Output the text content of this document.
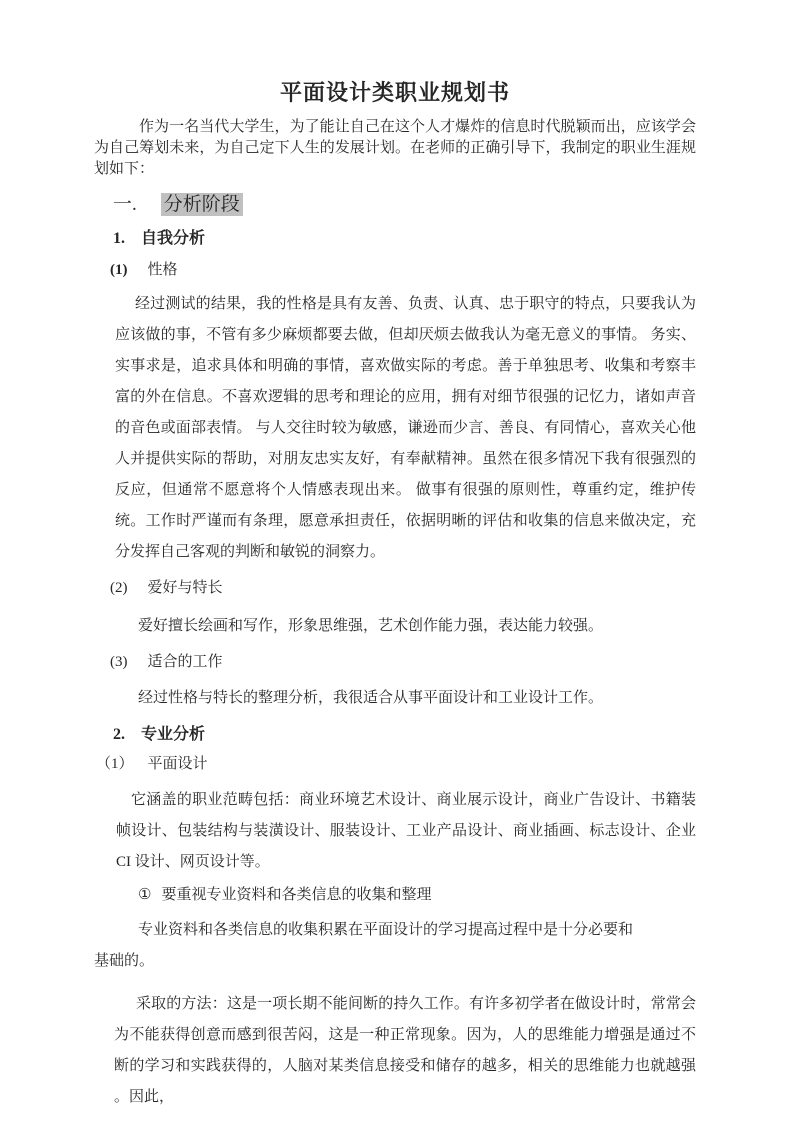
平面设计类职业规划书

作为一名当代大学生，为了能让自己在这个人才爆炸的信息时代脱颖而出，应该学会为自己筹划未来，为自己定下人生的发展计划。在老师的正确引导下，我制定的职业生涯规划如下：

一. 分析阶段
1. 自我分析
(1) 性格

经过测试的结果，我的性格是具有友善、负责、认真、忠于职守的特点，只要我认为应该做的事，不管有多少麻烦都要去做，但却厌烦去做我认为毫无意义的事情。 务实、实事求是，追求具体和明确的事情，喜欢做实际的考虑。善于单独思考、收集和考察丰富的外在信息。不喜欢逻辑的思考和理论的应用，拥有对细节很强的记忆力，诸如声音的音色或面部表情。 与人交往时较为敏感，谦逊而少言、善良、有同情心，喜欢关心他人并提供实际的帮助，对朋友忠实友好，有奉献精神。虽然在很多情况下我有很强烈的反应，但通常不愿意将个人情感表现出来。 做事有很强的原则性，尊重约定，维护传统。工作时严谨而有条理，愿意承担责任，依据明晰的评估和收集的信息来做决定，充分发挥自己客观的判断和敏锐的洞察力。

(2) 爱好与特长

爱好擅长绘画和写作，形象思维强，艺术创作能力强，表达能力较强。

(3) 适合的工作

经过性格与特长的整理分析，我很适合从事平面设计和工业设计工作。

2. 专业分析
（1） 平面设计

它涵盖的职业范畴包括：商业环境艺术设计、商业展示设计，商业广告设计、书籍装帧设计、包装结构与装潢设计、服装设计、工业产品设计、商业插画、标志设计、企业 CI 设计、网页设计等。

① 要重视专业资料和各类信息的收集和整理

专业资料和各类信息的收集积累在平面设计的学习提高过程中是十分必要和

基础的。

采取的方法：这是一项长期不能间断的持久工作。有许多初学者在做设计时，常常会为不能获得创意而感到很苦闷，这是一种正常现象。因为，人的思维能力增强是通过不断的学习和实践获得的，人脑对某类信息接受和储存的越多，相关的思维能力也就越强 。因此，
